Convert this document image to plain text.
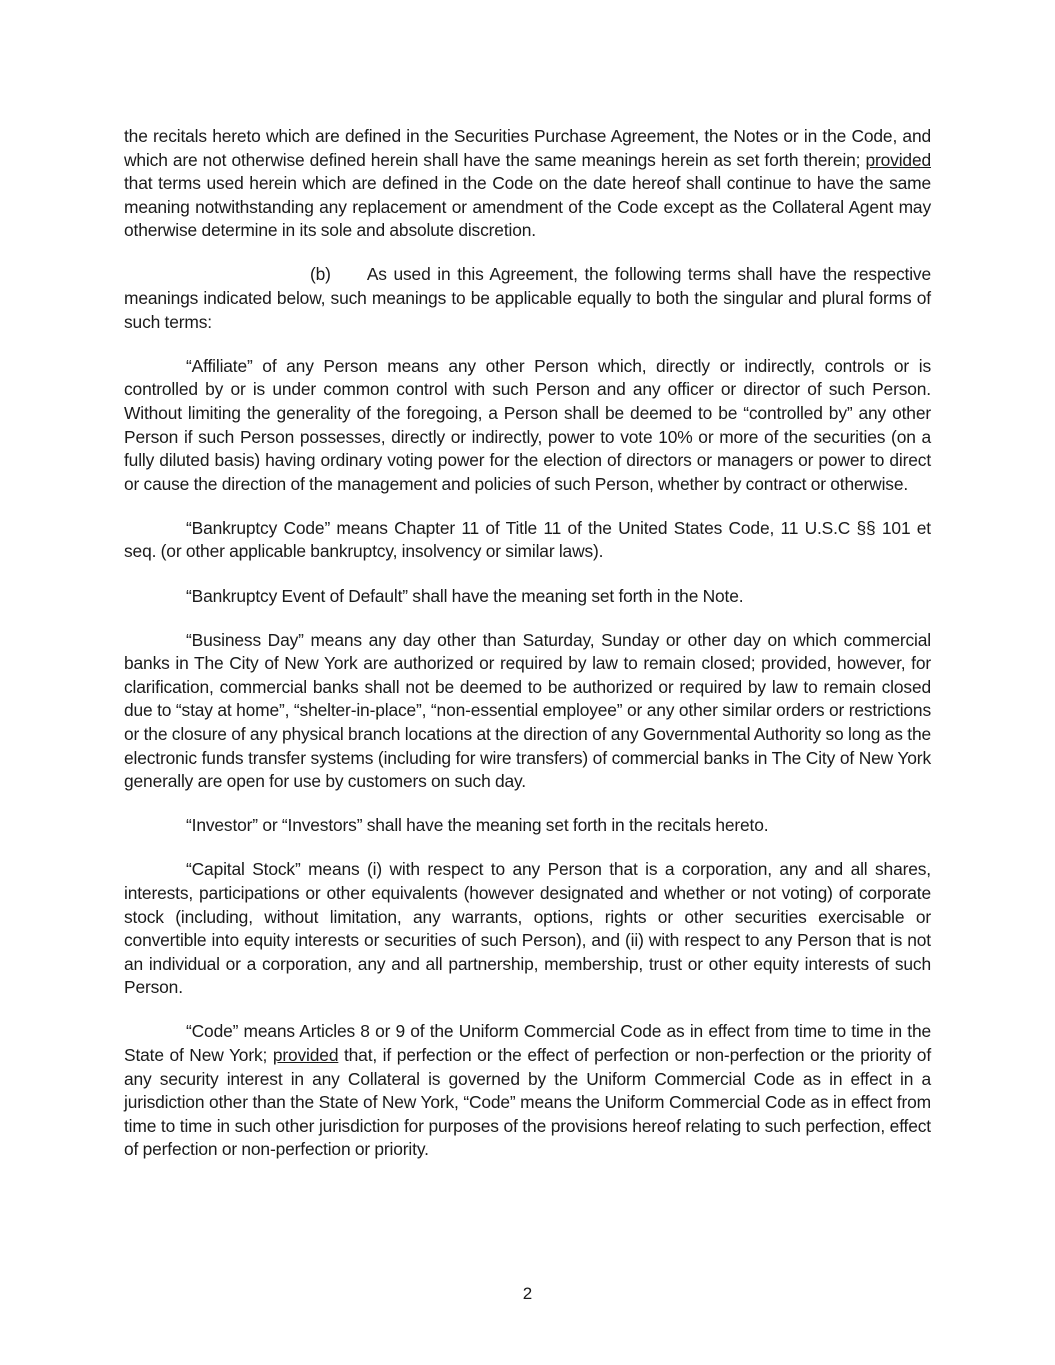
the recitals hereto which are defined in the Securities Purchase Agreement, the Notes or in the Code, and which are not otherwise defined herein shall have the same meanings herein as set forth therein; provided that terms used herein which are defined in the Code on the date hereof shall continue to have the same meaning notwithstanding any replacement or amendment of the Code except as the Collateral Agent may otherwise determine in its sole and absolute discretion.

(b) As used in this Agreement, the following terms shall have the respective meanings indicated below, such meanings to be applicable equally to both the singular and plural forms of such terms:

“Affiliate” of any Person means any other Person which, directly or indirectly, controls or is controlled by or is under common control with such Person and any officer or director of such Person. Without limiting the generality of the foregoing, a Person shall be deemed to be “controlled by” any other Person if such Person possesses, directly or indirectly, power to vote 10% or more of the securities (on a fully diluted basis) having ordinary voting power for the election of directors or managers or power to direct or cause the direction of the management and policies of such Person, whether by contract or otherwise.

“Bankruptcy Code” means Chapter 11 of Title 11 of the United States Code, 11 U.S.C §§ 101 et seq. (or other applicable bankruptcy, insolvency or similar laws).

“Bankruptcy Event of Default” shall have the meaning set forth in the Note.

“Business Day” means any day other than Saturday, Sunday or other day on which commercial banks in The City of New York are authorized or required by law to remain closed; provided, however, for clarification, commercial banks shall not be deemed to be authorized or required by law to remain closed due to “stay at home”, “shelter-in-place”, “non-essential employee” or any other similar orders or restrictions or the closure of any physical branch locations at the direction of any Governmental Authority so long as the electronic funds transfer systems (including for wire transfers) of commercial banks in The City of New York generally are open for use by customers on such day.

“Investor” or “Investors” shall have the meaning set forth in the recitals hereto.

“Capital Stock” means (i) with respect to any Person that is a corporation, any and all shares, interests, participations or other equivalents (however designated and whether or not voting) of corporate stock (including, without limitation, any warrants, options, rights or other securities exercisable or convertible into equity interests or securities of such Person), and (ii) with respect to any Person that is not an individual or a corporation, any and all partnership, membership, trust or other equity interests of such Person.

“Code” means Articles 8 or 9 of the Uniform Commercial Code as in effect from time to time in the State of New York; provided that, if perfection or the effect of perfection or non-perfection or the priority of any security interest in any Collateral is governed by the Uniform Commercial Code as in effect in a jurisdiction other than the State of New York, “Code” means the Uniform Commercial Code as in effect from time to time in such other jurisdiction for purposes of the provisions hereof relating to such perfection, effect of perfection or non-perfection or priority.

2
